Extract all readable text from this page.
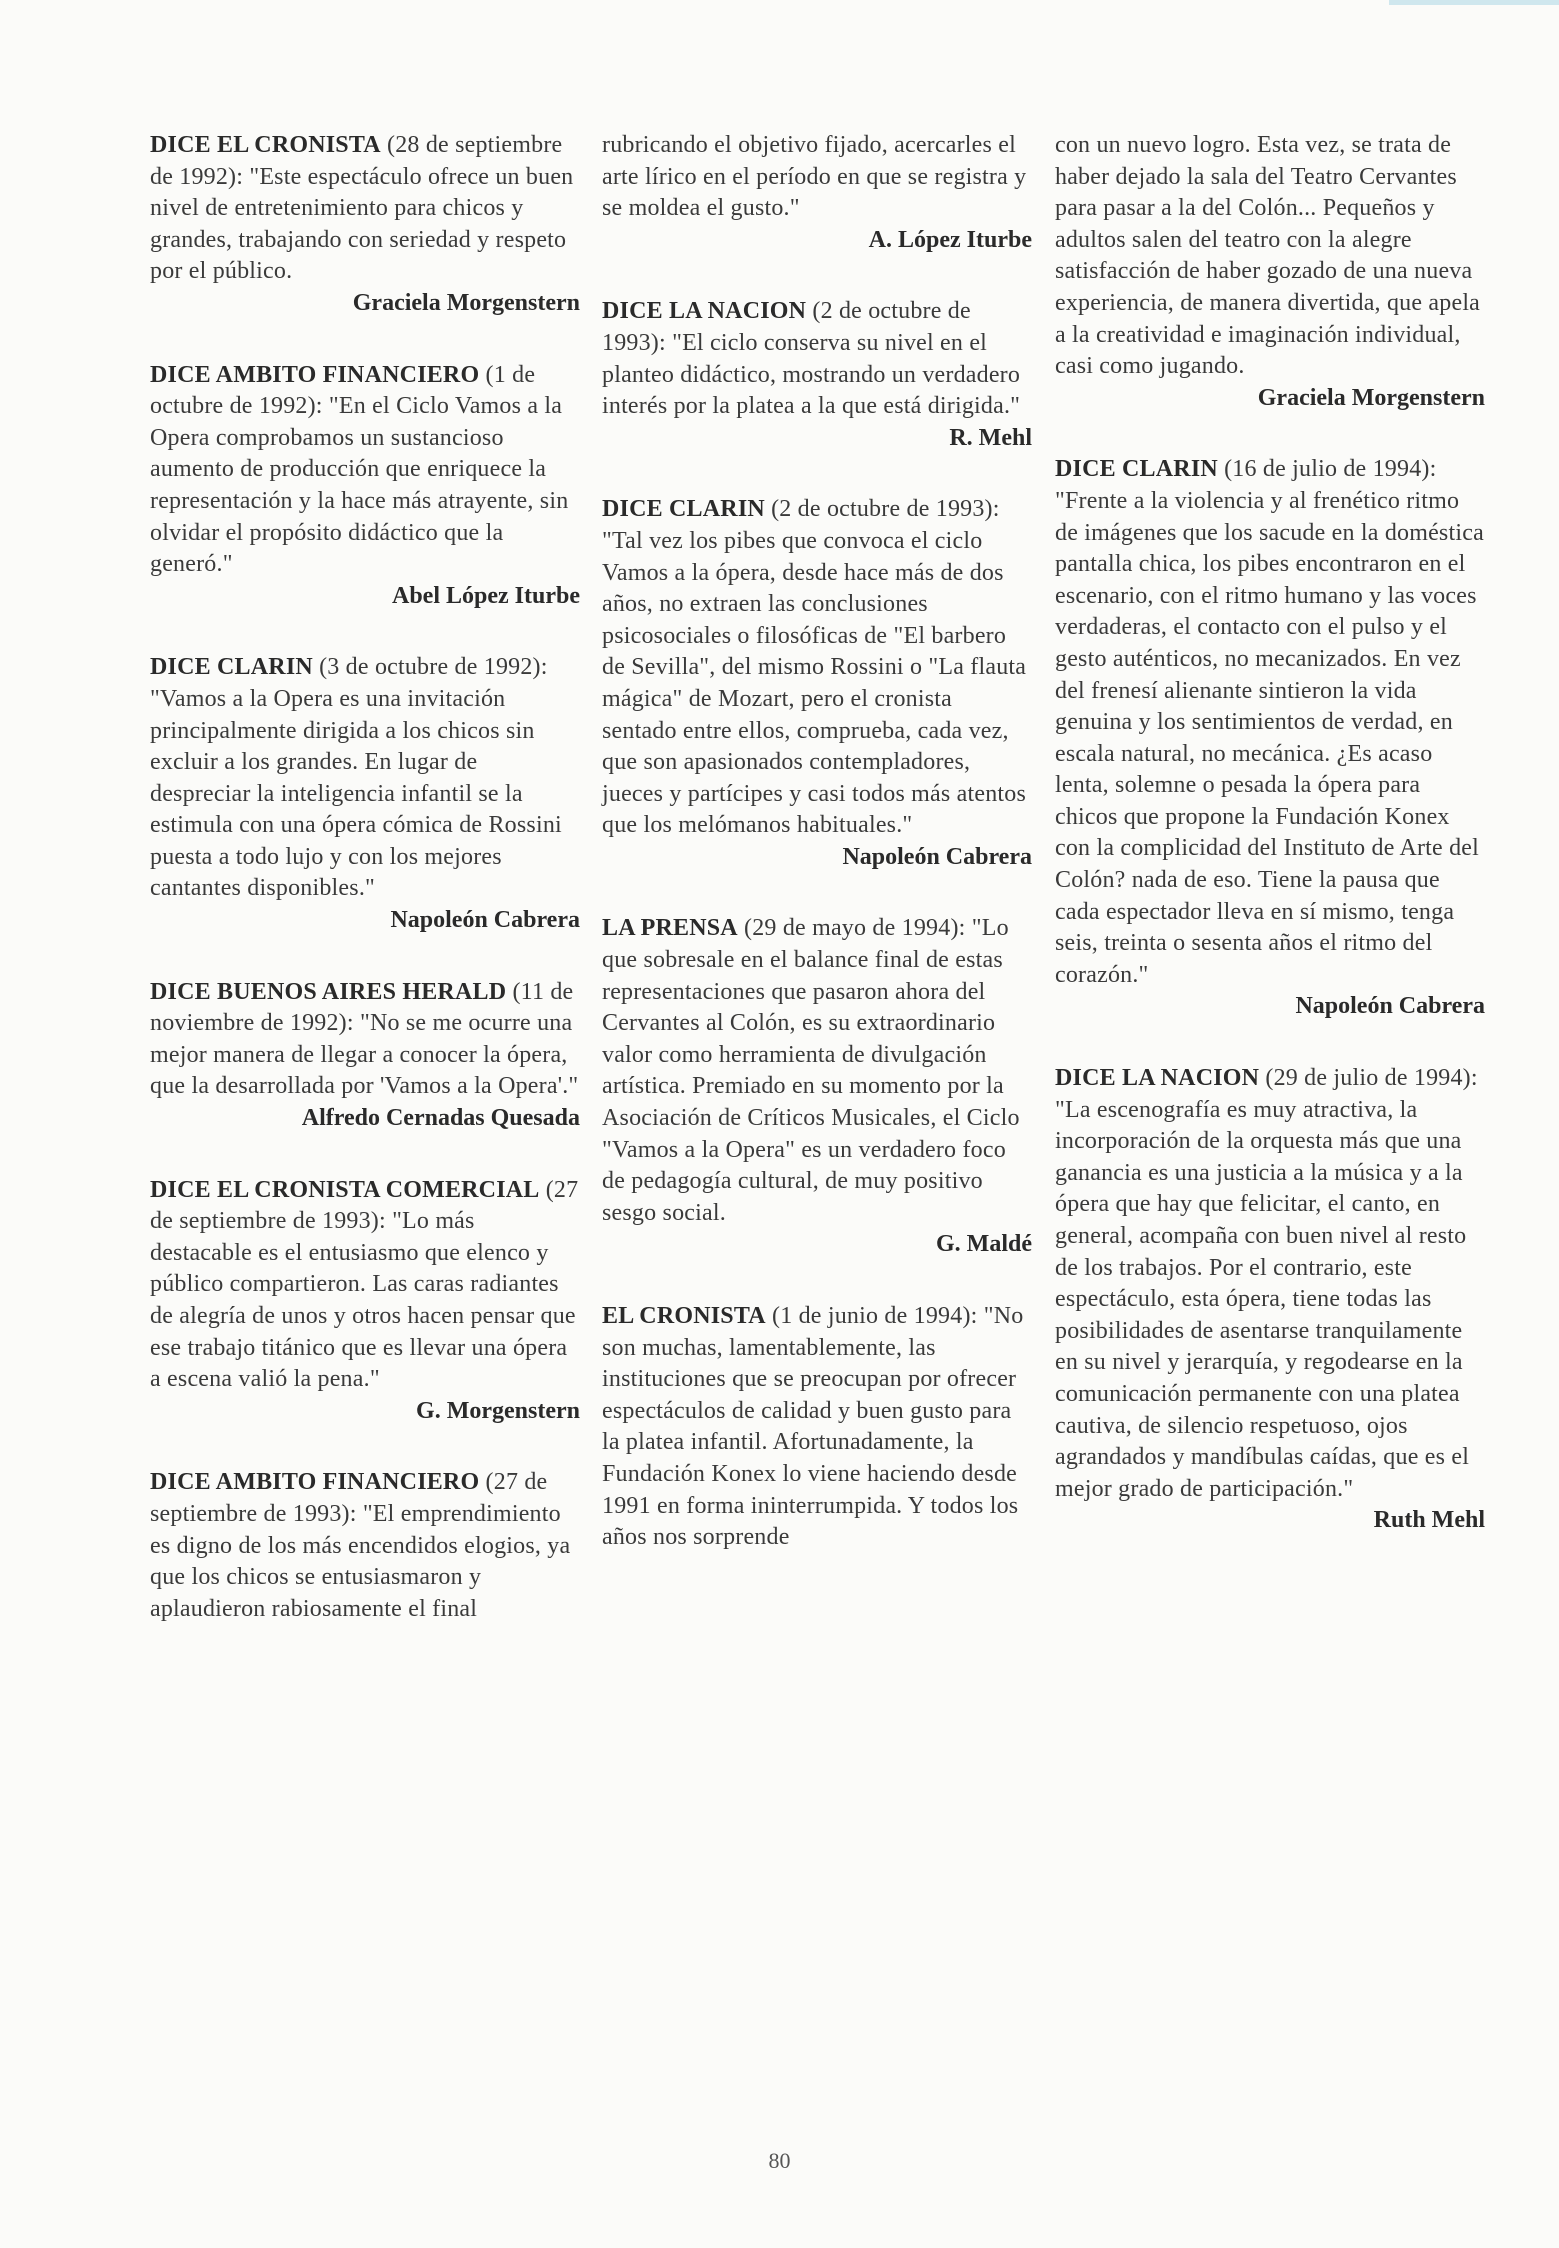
DICE EL CRONISTA (28 de septiembre de 1992): "Este espectáculo ofrece un buen nivel de entretenimiento para chicos y grandes, trabajando con seriedad y respeto por el público.

Graciela Morgenstern

DICE AMBITO FINANCIERO (1 de octubre de 1992): "En el Ciclo Vamos a la Opera comprobamos un sustancioso aumento de producción que enriquece la representación y la hace más atrayente, sin olvidar el propósito didáctico que la generó."

Abel López Iturbe

DICE CLARIN (3 de octubre de 1992): "Vamos a la Opera es una invitación principalmente dirigida a los chicos sin excluir a los grandes. En lugar de despreciar la inteligencia infantil se la estimula con una ópera cómica de Rossini puesta a todo lujo y con los mejores cantantes disponibles."

Napoleón Cabrera

DICE BUENOS AIRES HERALD (11 de noviembre de 1992): "No se me ocurre una mejor manera de llegar a conocer la ópera, que la desarrollada por 'Vamos a la Opera'."

Alfredo Cernadas Quesada

DICE EL CRONISTA COMERCIAL (27 de septiembre de 1993): "Lo más destacable es el entusiasmo que elenco y público compartieron. Las caras radiantes de alegría de unos y otros hacen pensar que ese trabajo titánico que es llevar una ópera a escena valió la pena."

G. Morgenstern

DICE AMBITO FINANCIERO (27 de septiembre de 1993): "El emprendimiento es digno de los más encendidos elogios, ya que los chicos se entusiasmaron y aplaudieron rabiosamente el final

rubricando el objetivo fijado, acercarles el arte lírico en el período en que se registra y se moldea el gusto."

A. López Iturbe

DICE LA NACION (2 de octubre de 1993): "El ciclo conserva su nivel en el planteo didáctico, mostrando un verdadero interés por la platea a la que está dirigida."

R. Mehl

DICE CLARIN (2 de octubre de 1993): "Tal vez los pibes que convoca el ciclo Vamos a la ópera, desde hace más de dos años, no extraen las conclusiones psicosociales o filosóficas de "El barbero de Sevilla", del mismo Rossini o "La flauta mágica" de Mozart, pero el cronista sentado entre ellos, comprueba, cada vez, que son apasionados contempladores, jueces y partícipes y casi todos más atentos que los melómanos habituales."

Napoleón Cabrera

LA PRENSA (29 de mayo de 1994): "Lo que sobresale en el balance final de estas representaciones que pasaron ahora del Cervantes al Colón, es su extraordinario valor como herramienta de divulgación artística. Premiado en su momento por la Asociación de Críticos Musicales, el Ciclo "Vamos a la Opera" es un verdadero foco de pedagogía cultural, de muy positivo sesgo social.

G. Maldé

EL CRONISTA (1 de junio de 1994): "No son muchas, lamentablemente, las instituciones que se preocupan por ofrecer espectáculos de calidad y buen gusto para la platea infantil. Afortunadamente, la Fundación Konex lo viene haciendo desde 1991 en forma ininterrumpida. Y todos los años nos sorprende

con un nuevo logro. Esta vez, se trata de haber dejado la sala del Teatro Cervantes para pasar a la del Colón... Pequeños y adultos salen del teatro con la alegre satisfacción de haber gozado de una nueva experiencia, de manera divertida, que apela a la creatividad e imaginación individual, casi como jugando.

Graciela Morgenstern

DICE CLARIN (16 de julio de 1994): "Frente a la violencia y al frenético ritmo de imágenes que los sacude en la doméstica pantalla chica, los pibes encontraron en el escenario, con el ritmo humano y las voces verdaderas, el contacto con el pulso y el gesto auténticos, no mecanizados. En vez del frenesí alienante sintieron la vida genuina y los sentimientos de verdad, en escala natural, no mecánica. ¿Es acaso lenta, solemne o pesada la ópera para chicos que propone la Fundación Konex con la complicidad del Instituto de Arte del Colón? nada de eso. Tiene la pausa que cada espectador lleva en sí mismo, tenga seis, treinta o sesenta años el ritmo del corazón."

Napoleón Cabrera

DICE LA NACION (29 de julio de 1994): "La escenografía es muy atractiva, la incorporación de la orquesta más que una ganancia es una justicia a la música y a la ópera que hay que felicitar, el canto, en general, acompaña con buen nivel al resto de los trabajos. Por el contrario, este espectáculo, esta ópera, tiene todas las posibilidades de asentarse tranquilamente en su nivel y jerarquía, y regodearse en la comunicación permanente con una platea cautiva, de silencio respetuoso, ojos agrandados y mandíbulas caídas, que es el mejor grado de participación."

Ruth Mehl

80
